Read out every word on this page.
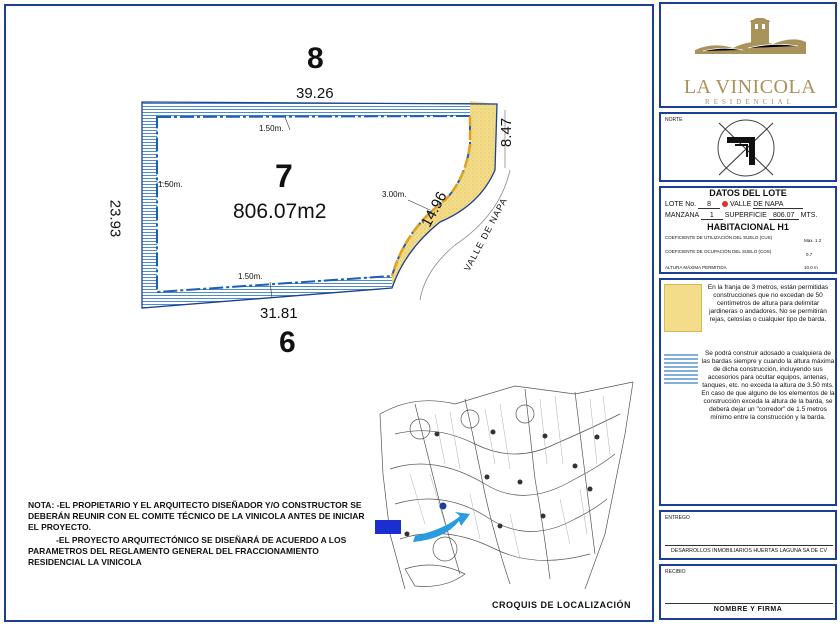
8
39.26
1.50m.
7
806.07m2
1.50m.
23.93
8.47
3.00m. 14.96 VALLE DE NAPA
1.50m.
31.81
6
NOTA: -EL PROPIETARIO Y EL ARQUITECTO DISEÑADOR Y/O CONSTRUCTOR SE DEBERÁN REUNIR CON EL COMITE TÉCNICO DE LA VINICOLA ANTES DE INICIAR EL PROYECTO.
-EL PROYECTO ARQUITECTÓNICO SE DISEÑARÁ DE ACUERDO A LOS PARAMETROS DEL REGLAMENTO GENERAL DEL FRACCIONAMIENTO RESIDENCIAL LA VINICOLA
CROQUIS DE LOCALIZACIÓN
LA VINICOLA
RESIDENCIAL
NORTE
DATOS DEL LOTE
LOTE No. 8	VALLE DE NAPA
MANZANA 1 SUPERFICIE 806.07 MTS.
HABITACIONAL H1
COEFICIENTE DE UTILIZACIÓN DEL SUELO (CUS)
Max. 1.2
COEFICIENTE DE OCUPACIÓN DEL SUELO (COS)
0.7
ALTURA MÁXIMA PERMITIDA	10.0 m
En la franja de 3 metros, están permitidas construcciones que no excedan de 50 centímetros de altura para delimitar jardineras o andadores. No se permitirán rejas, celosías o cualquier tipo de barda.
Se podrá construir adosado a cualquiera de las bardas siempre y cuando la altura máxima de dicha construcción, incluyendo sus accesorios para ocultar equipos, antenas, tanques, etc. no exceda la altura de 3.50 mts. En caso de que alguno de los elementos de la construcción exceda la altura de la barda, se deberá dejar un "corredor" de 1.5 metros mínimo entre la construcción y la barda.
ENTREGO
DESARROLLOS INMOBILIARIOS HUERTAS LAGUNA SA DE CV
RECIBIO
NOMBRE Y FIRMA
